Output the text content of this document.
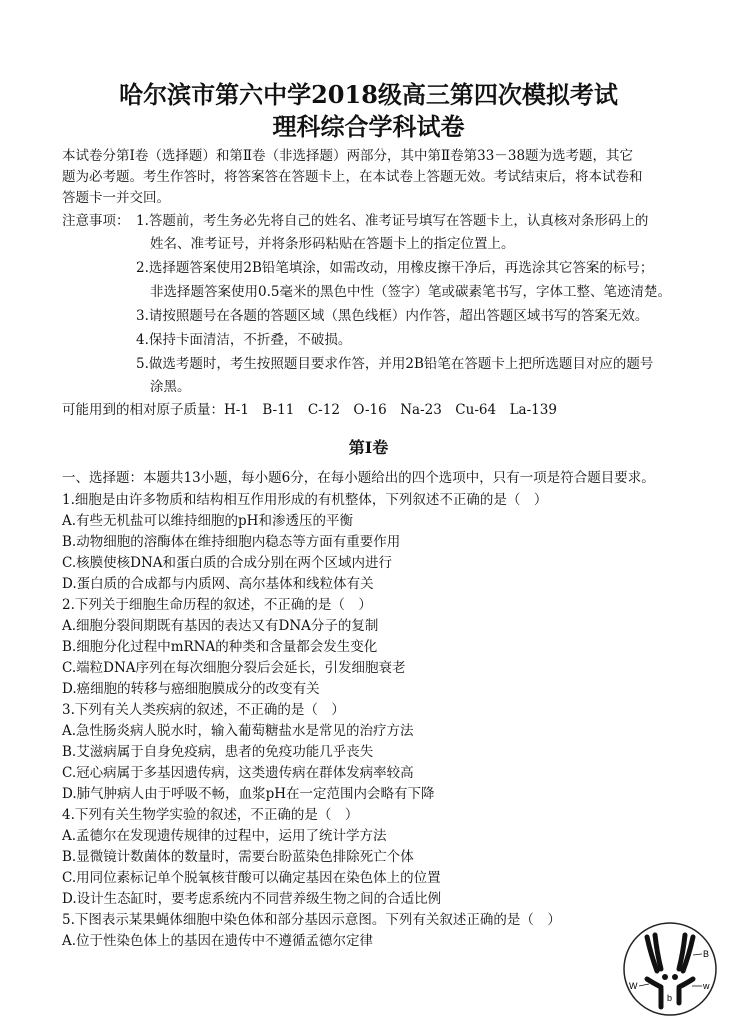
哈尔滨市第六中学2018级高三第四次模拟考试
理科综合学科试卷
本试卷分第Ⅰ卷（选择题）和第Ⅱ卷（非选择题）两部分，其中第Ⅱ卷第33－38题为选考题，其它
题为必考题。考生作答时，将答案答在答题卡上，在本试卷上答题无效。考试结束后，将本试卷和
答题卡一并交回。
注意事项： 1.答题前，考生务必先将自己的姓名、准考证号填写在答题卡上，认真核对条形码上的
姓名、准考证号，并将条形码粘贴在答题卡上的指定位置上。
2.选择题答案使用2B铅笔填涂，如需改动，用橡皮擦干净后，再选涂其它答案的标号；
非选择题答案使用0.5毫米的黑色中性（签字）笔或碳素笔书写，字体工整、笔迹清楚。
3.请按照题号在各题的答题区域（黑色线框）内作答，超出答题区域书写的答案无效。
4.保持卡面清洁，不折叠，不破损。
5.做选考题时，考生按照题目要求作答，并用2B铅笔在答题卡上把所选题目对应的题号
涂黑。
可能用到的相对原子质量：H-1　B-11　C-12　O-16　Na-23　Cu-64　La-139
第Ⅰ卷
一、选择题：本题共13小题，每小题6分，在每小题给出的四个选项中，只有一项是符合题目要求。
1.细胞是由许多物质和结构相互作用形成的有机整体，下列叙述不正确的是（　）
A.有些无机盐可以维持细胞的pH和渗透压的平衡
B.动物细胞的溶酶体在维持细胞内稳态等方面有重要作用
C.核膜使核DNA和蛋白质的合成分别在两个区域内进行
D.蛋白质的合成都与内质网、高尔基体和线粒体有关
2.下列关于细胞生命历程的叙述，不正确的是（　）
A.细胞分裂间期既有基因的表达又有DNA分子的复制
B.细胞分化过程中mRNA的种类和含量都会发生变化
C.端粒DNA序列在每次细胞分裂后会延长，引发细胞衰老
D.癌细胞的转移与癌细胞膜成分的改变有关
3.下列有关人类疾病的叙述，不正确的是（　）
A.急性肠炎病人脱水时，输入葡萄糖盐水是常见的治疗方法
B.艾滋病属于自身免疫病，患者的免疫功能几乎丧失
C.冠心病属于多基因遗传病，这类遗传病在群体发病率较高
D.肺气肿病人由于呼吸不畅，血浆pH在一定范围内会略有下降
4.下列有关生物学实验的叙述，不正确的是（　）
A.孟德尔在发现遗传规律的过程中，运用了统计学方法
B.显微镜计数菌体的数量时，需要台盼蓝染色排除死亡个体
C.用同位素标记单个脱氧核苷酸可以确定基因在染色体上的位置
D.设计生态缸时，要考虑系统内不同营养级生物之间的合适比例
5.下图表示某果蝇体细胞中染色体和部分基因示意图。下列有关叙述正确的是（　）
A.位于性染色体上的基因在遗传中不遵循孟德尔定律
B
W
b
w
